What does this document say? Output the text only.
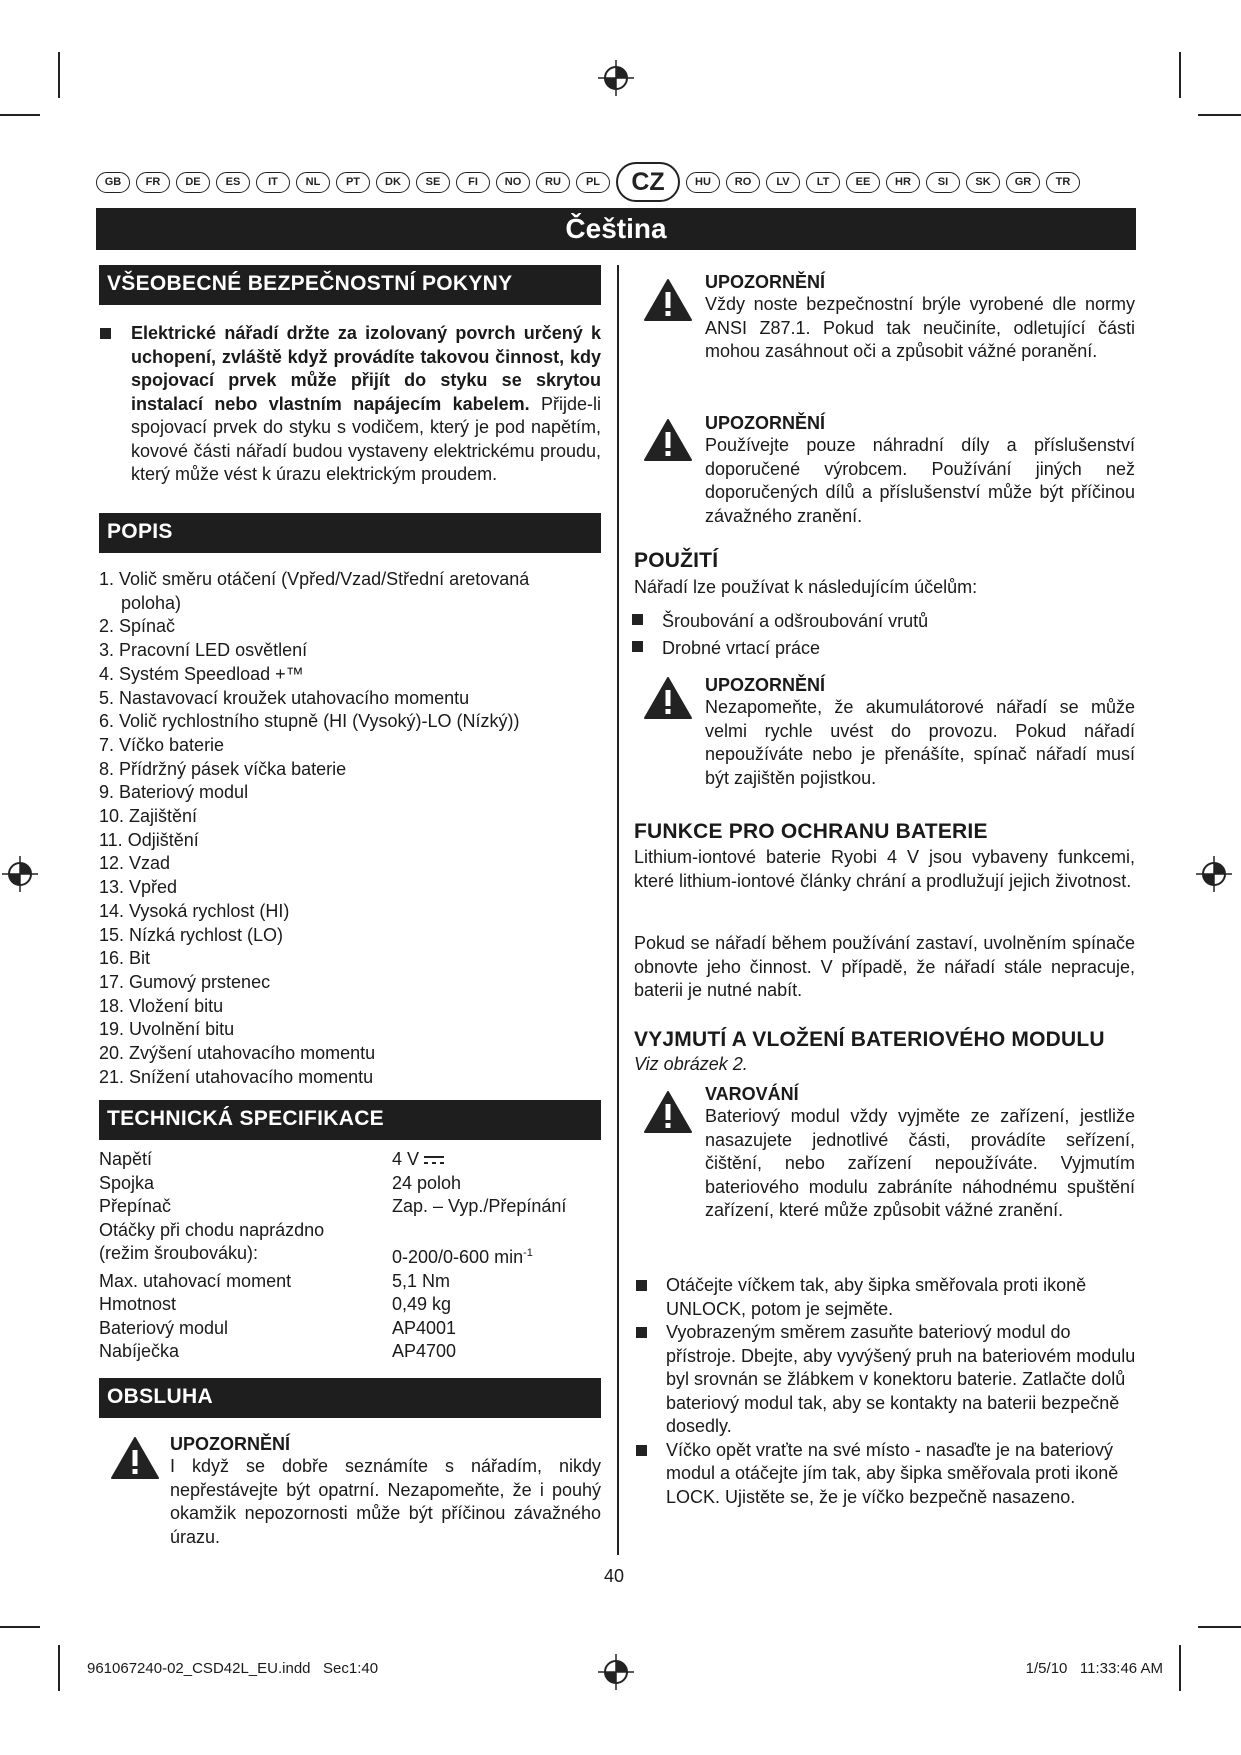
GB	FR	DE	ES	IT	NL	PT	DK	SE	FI	NO	RU	PL	CZ	HU	RO	LV	LT	EE	HR	SI	SK	GR	TR
Čeština
VŠEOBECNÉ BEZPEČNOSTNÍ POKYNY
Elektrické nářadí držte za izolovaný povrch určený k uchopení, zvláště když provádíte takovou činnost, kdy spojovací prvek může přijít do styku se skrytou instalací nebo vlastním napájecím kabelem. Přijde-li spojovací prvek do styku s vodičem, který je pod napětím, kovové části nářadí budou vystaveny elektrickému proudu, který může vést k úrazu elektrickým proudem.
POPIS
1. Volič směru otáčení (Vpřed/Vzad/Střední aretovaná
poloha)
2. Spínač
3. Pracovní LED osvětlení
4. Systém Speedload +™
5. Nastavovací kroužek utahovacího momentu
6. Volič rychlostního stupně (HI (Vysoký)-LO (Nízký))
7. Víčko baterie
8. Přídržný pásek víčka baterie
9. Bateriový modul
10. Zajištění
11. Odjištění
12. Vzad
13. Vpřed
14. Vysoká rychlost (HI)
15. Nízká rychlost (LO)
16. Bit
17. Gumový prstenec
18. Vložení bitu
19. Uvolnění bitu
20. Zvýšení utahovacího momentu
21. Snížení utahovacího momentu
TECHNICKÁ SPECIFIKACE
Napětí	4 V
Spojka	24 poloh
Přepínač	Zap. – Vyp./Přepínání
Otáčky při chodu naprázdno
(režim šroubováku):	0-200/0-600 $\min^{-1}$
Max. utahovací moment	5,1 Nm
Hmotnost	0,49 kg
Bateriový modul	AP4001
Nabíječka	AP4700
OBSLUHA
UPOZORNĚNÍ
I když se dobře seznámíte s nářadím, nikdy nepřestávejte být opatrní. Nezapomeňte, že i pouhý okamžik nepozornosti může být příčinou závažného úrazu.
UPOZORNĚNÍ
Vždy noste bezpečnostní brýle vyrobené dle normy ANSI Z87.1. Pokud tak neučiníte, odletující části mohou zasáhnout oči a způsobit vážné poranění.
UPOZORNĚNÍ
Používejte pouze náhradní díly a příslušenství doporučené výrobcem. Používání jiných než doporučených dílů a příslušenství může být příčinou závažného zranění.
POUŽITÍ
Nářadí lze používat k následujícím účelům:
Šroubování a odšroubování vrutů
Drobné vrtací práce
UPOZORNĚNÍ
Nezapomeňte, že akumulátorové nářadí se může velmi rychle uvést do provozu. Pokud nářadí nepoužíváte nebo je přenášíte, spínač nářadí musí být zajištěn pojistkou.
FUNKCE PRO OCHRANU BATERIE
Lithium-iontové baterie Ryobi 4 V jsou vybaveny funkcemi, které lithium-iontové články chrání a prodlužují jejich životnost.
Pokud se nářadí během používání zastaví, uvolněním spínače obnovte jeho činnost. V případě, že nářadí stále nepracuje, baterii je nutné nabít.
VYJMUTÍ A VLOŽENÍ BATERIOVÉHO MODULU
Viz obrázek 2.
VAROVÁNÍ
Bateriový modul vždy vyjměte ze zařízení, jestliže nasazujete jednotlivé části, provádíte seřízení, čištění, nebo zařízení nepoužíváte. Vyjmutím bateriového modulu zabráníte náhodnému spuštění zařízení, které může způsobit vážné zranění.
Otáčejte víčkem tak, aby šipka směřovala proti ikoně UNLOCK, potom je sejměte.
Vyobrazeným směrem zasuňte bateriový modul do přístroje. Dbejte, aby vyvýšený pruh na bateriovém modulu byl srovnán se žlábkem v konektoru baterie. Zatlačte dolů bateriový modul tak, aby se kontakty na baterii bezpečně dosedly.
Víčko opět vraťte na své místo - nasaďte je na bateriový modul a otáčejte jím tak, aby šipka směřovala proti ikoně LOCK. Ujistěte se, že je víčko bezpečně nasazeno.
40
961067240-02_CSD42L_EU.indd   Sec1:40	1/5/10   11:33:46 AM
